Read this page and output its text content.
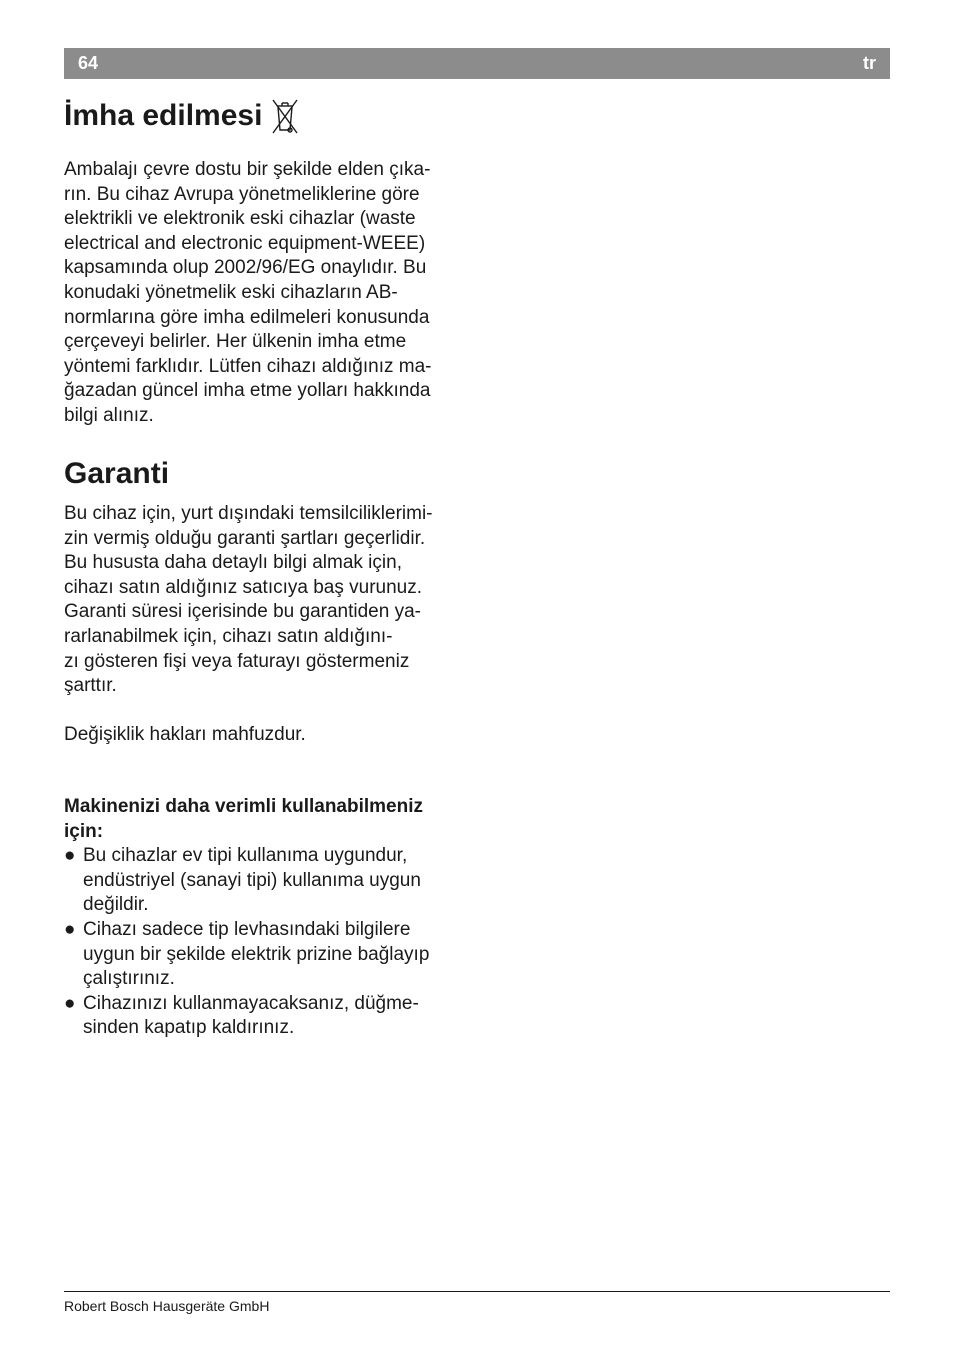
64	tr
İmha edilmesi

Ambalajı çevre dostu bir şekilde elden çıka-
rın. Bu cihaz Avrupa yönetmeliklerine göre
elektrikli ve elektronik eski cihazlar (waste
electrical and electronic equipment-WEEE)
kapsamında olup 2002/96/EG onaylıdır. Bu
konudaki yönetmelik eski cihazların AB-
normlarına göre imha edilmeleri konusunda
çerçeveyi belirler. Her ülkenin imha etme
yöntemi farklıdır. Lütfen cihazı aldığınız ma-
ğazadan güncel imha etme yolları hakkında
bilgi alınız.

Garanti

Bu cihaz için, yurt dışındaki temsilciliklerimi-
zin vermiş olduğu garanti şartları geçerlidir.
Bu hususta daha detaylı bilgi almak için,
cihazı satın aldığınız satıcıya baş vurunuz.
Garanti süresi içerisinde bu garantiden ya-
rarlanabilmek için, cihazı satın aldığını-
zı gösteren fişi veya faturayı göstermeniz
şarttır.

Değişiklik hakları mahfuzdur.

Makinenizi daha verimli kullanabilmeniz
için:

● Bu cihazlar ev tipi kullanıma uygundur,
endüstriyel (sanayi tipi) kullanıma uygun
değildir.
● Cihazı sadece tip levhasındaki bilgilere
uygun bir şekilde elektrik prizine bağlayıp
çalıştırınız.
● Cihazınızı kullanmayacaksanız, düğme-
sinden kapatıp kaldırınız.
Robert Bosch Hausgeräte GmbH
